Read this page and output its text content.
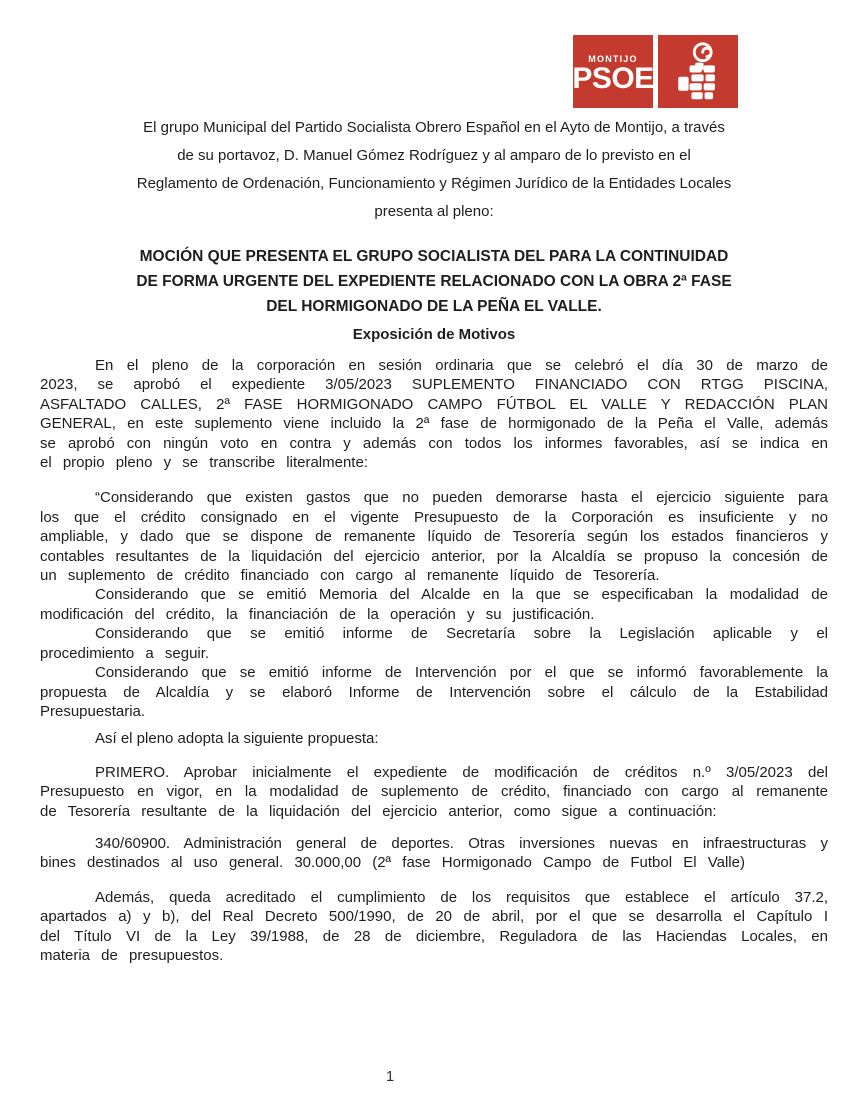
MONTIJO
PSOE
El grupo Municipal del Partido Socialista Obrero Español en el Ayto de Montijo, a través
de su portavoz, D. Manuel Gómez Rodríguez y al amparo de lo previsto en el
Reglamento de Ordenación, Funcionamiento y Régimen Jurídico de la Entidades Locales
presenta al pleno:
MOCIÓN QUE PRESENTA EL GRUPO SOCIALISTA DEL PARA LA CONTINUIDAD
DE FORMA URGENTE DEL EXPEDIENTE RELACIONADO CON LA OBRA 2ª FASE
DEL HORMIGONADO DE LA PEÑA EL VALLE.
Exposición de Motivos

En el pleno de la corporación en sesión ordinaria que se celebró el día 30 de marzo de 2023, se aprobó el expediente 3/05/2023 SUPLEMENTO FINANCIADO CON RTGG PISCINA, ASFALTADO CALLES, 2ª FASE HORMIGONADO CAMPO FÚTBOL EL VALLE Y REDACCIÓN PLAN GENERAL, en este suplemento viene incluido la 2ª fase de hormigonado de la Peña el Valle, además se aprobó con ningún voto en contra y además con todos los informes favorables, así se indica en el propio pleno y se transcribe literalmente:

“Considerando que existen gastos que no pueden demorarse hasta el ejercicio siguiente para los que el crédito consignado en el vigente Presupuesto de la Corporación es insuficiente y no ampliable, y dado que se dispone de remanente líquido de Tesorería según los estados financieros y contables resultantes de la liquidación del ejercicio anterior, por la Alcaldía se propuso la concesión de un suplemento de crédito financiado con cargo al remanente líquido de Tesorería.

Considerando que se emitió Memoria del Alcalde en la que se especificaban la modalidad de modificación del crédito, la financiación de la operación y su justificación.

Considerando que se emitió informe de Secretaría sobre la Legislación aplicable y el procedimiento a seguir.

Considerando que se emitió informe de Intervención por el que se informó favorablemente la propuesta de Alcaldía y se elaboró Informe de Intervención sobre el cálculo de la Estabilidad Presupuestaria.

Así el pleno adopta la siguiente propuesta:

PRIMERO. Aprobar inicialmente el expediente de modificación de créditos n.º 3/05/2023 del Presupuesto en vigor, en la modalidad de suplemento de crédito, financiado con cargo al remanente de Tesorería resultante de la liquidación del ejercicio anterior, como sigue a continuación:

340/60900. Administración general de deportes. Otras inversiones nuevas en infraestructuras y bines destinados al uso general. 30.000,00 (2ª fase Hormigonado Campo de Futbol El Valle)

Además, queda acreditado el cumplimiento de los requisitos que establece el artículo 37.2, apartados a) y b), del Real Decreto 500/1990, de 20 de abril, por el que se desarrolla el Capítulo I del Título VI de la Ley 39/1988, de 28 de diciembre, Reguladora de las Haciendas Locales, en materia de presupuestos.

1
